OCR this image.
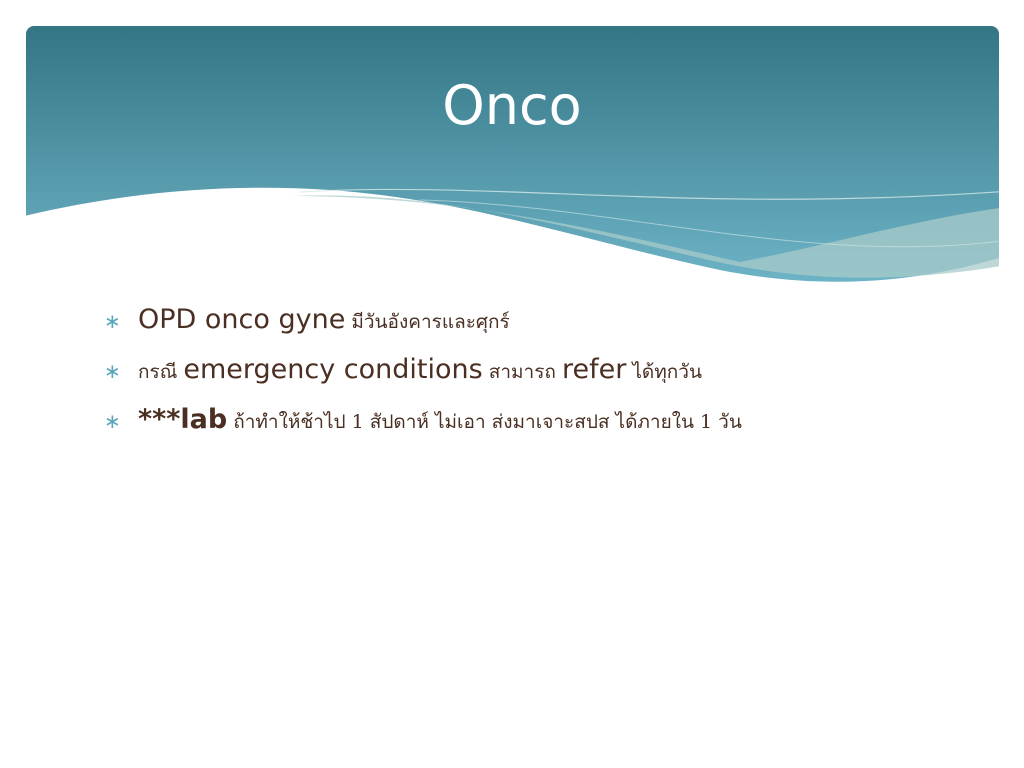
Onco
∗ OPD onco gyne มีวันอังคารและศุกร์
∗ กรณี emergency conditions สามารถ refer ได้ทุกวัน
∗ ***lab ถ้าทำให้ช้าไป 1 สัปดาห์ ไม่เอา ส่งมาเจาะสปส ได้ภายใน 1 วัน
